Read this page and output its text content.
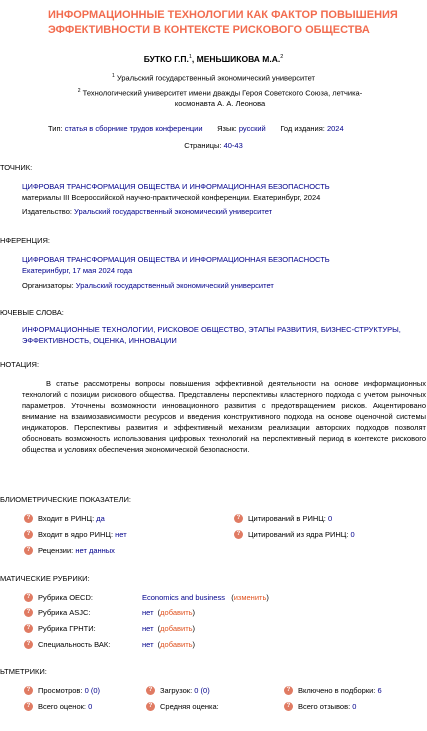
ИНФОРМАЦИОННЫЕ ТЕХНОЛОГИИ КАК ФАКТОР ПОВЫШЕНИЯ ЭФФЕКТИВНОСТИ В КОНТЕКСТЕ РИСКОВОГО ОБЩЕСТВА
БУТКО Г.П.$^1$, МЕНЬШИКОВА М.А.$^2$
$^1$ Уральский государственный экономический университет
$^2$ Технологический университет имени дважды Героя Советского Союза, летчика-космонавта А. А. Леонова
Тип: статья в сборнике трудов конференции Язык: русский Год издания: 2024
Страницы: 40-43
ТОЧНИК:
ЦИФРОВАЯ ТРАНСФОРМАЦИЯ ОБЩЕСТВА И ИНФОРМАЦИОННАЯ БЕЗОПАСНОСТЬ
материалы III Всероссийской научно-практической конференции. Екатеринбург, 2024
Издательство: Уральский государственный экономический университет
НФЕРЕНЦИЯ:
ЦИФРОВАЯ ТРАНСФОРМАЦИЯ ОБЩЕСТВА И ИНФОРМАЦИОННАЯ БЕЗОПАСНОСТЬ
Екатеринбург, 17 мая 2024 года
Организаторы: Уральский государственный экономический университет
ЮЧЕВЫЕ СЛОВА:
ИНФОРМАЦИОННЫЕ ТЕХНОЛОГИИ, РИСКОВОЕ ОБЩЕСТВО, ЭТАПЫ РАЗВИТИЯ, БИЗНЕС-СТРУКТУРЫ,
ЭФФЕКТИВНОСТЬ, ОЦЕНКА, ИННОВАЦИИ
НОТАЦИЯ:

В статье рассмотрены вопросы повышения эффективной деятельности на основе информационных технологий с позиции рискового общества. Представлены перспективы кластерного подхода с учетом рыночных параметров. Уточнены возможности инновационного развития с предотвращением рисков. Акцентировано внимание на взаимозависимости ресурсов и введения конструктивного подхода на основе оценочной системы индикаторов. Перспективы развития и эффективный механизм реализации авторских подходов позволят обосновать возможность использования цифровых технологий на перспективный период в контексте рискового общества и условиях обеспечения экономической безопасности.

БЛИОМЕТРИЧЕСКИЕ ПОКАЗАТЕЛИ:
?	Входит в РИНЦ:
да
?	Входит в ядро РИНЦ:
нет
?	Рецензии:
нет данных
?	Цитирований в РИНЦ:
0
?	Цитирований из ядра РИНЦ:
0
МАТИЧЕСКИЕ РУБРИКИ:
?	Рубрика OECD:	Economics and business ( изменить )
?	Рубрика ASJC:	нет ( добавить )
?	Рубрика ГРНТИ:	нет ( добавить )
?	Специальность ВАК:	нет ( добавить )
ЬТМЕТРИКИ:
?	Просмотров:
0 (0)
?	Всего оценок:
0
?	Загрузок:
0 (0)
?	Средняя оценка:

?	Включено в подборки:
6
?	Всего отзывов:
0
